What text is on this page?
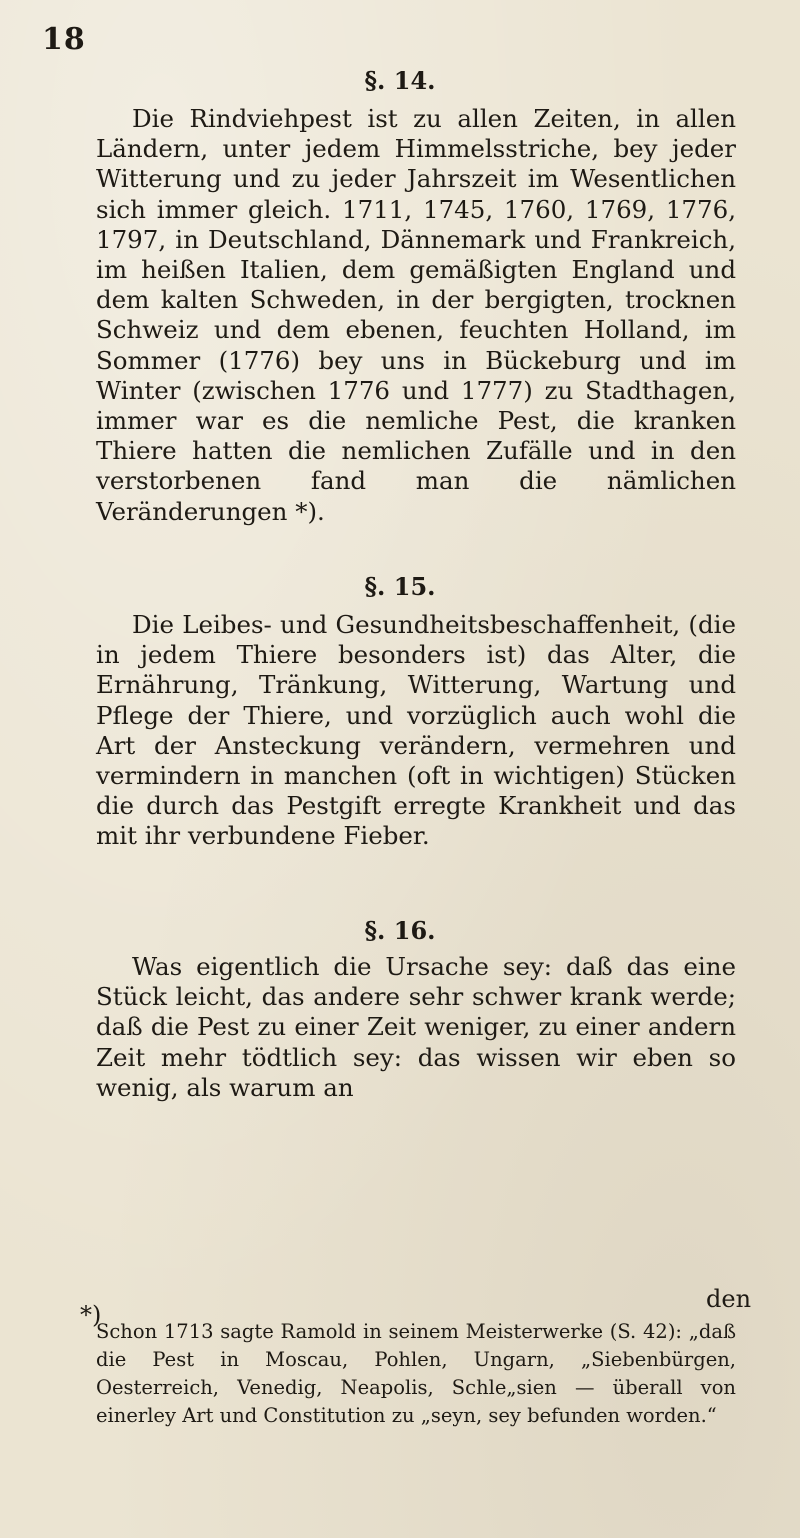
18
§. 14.
Die Rindviehpest ist zu allen Zeiten, in allen Ländern, unter jedem Himmelsstriche, bey jeder Witterung und zu jeder Jahrszeit im Wesentlichen sich immer gleich. 1711, 1745, 1760, 1769, 1776, 1797, in Deutschland, Dännemark und Frankreich, im heißen Italien, dem gemäßigten England und dem kalten Schweden, in der bergigten, trocknen Schweiz und dem ebenen, feuchten Holland, im Sommer (1776) bey uns in Bückeburg und im Winter (zwischen 1776 und 1777) zu Stadthagen, immer war es die nemliche Pest, die kranken Thiere hatten die nemlichen Zufälle und in den verstorbenen fand man die nämlichen Veränderungen *).
§. 15.
Die Leibes- und Gesundheitsbeschaffenheit, (die in jedem Thiere besonders ist) das Alter, die Ernährung, Tränkung, Witterung, Wartung und Pflege der Thiere, und vorzüglich auch wohl die Art der Ansteckung verändern, vermehren und vermindern in manchen (oft in wichtigen) Stücken die durch das Pestgift erregte Krankheit und das mit ihr verbundene Fieber.
§. 16.
Was eigentlich die Ursache sey: daß das eine Stück leicht, das andere sehr schwer krank werde; daß die Pest zu einer Zeit weniger, zu einer andern Zeit mehr tödtlich sey: das wissen wir eben so wenig, als warum an
den
*)
Schon 1713 sagte Ramold in seinem Meisterwerke (S. 42): „daß die Pest in Moscau, Pohlen, Ungarn, „Siebenbürgen, Oesterreich, Venedig, Neapolis, Schle„sien — überall von einerley Art und Constitution zu „seyn, sey befunden worden.“
